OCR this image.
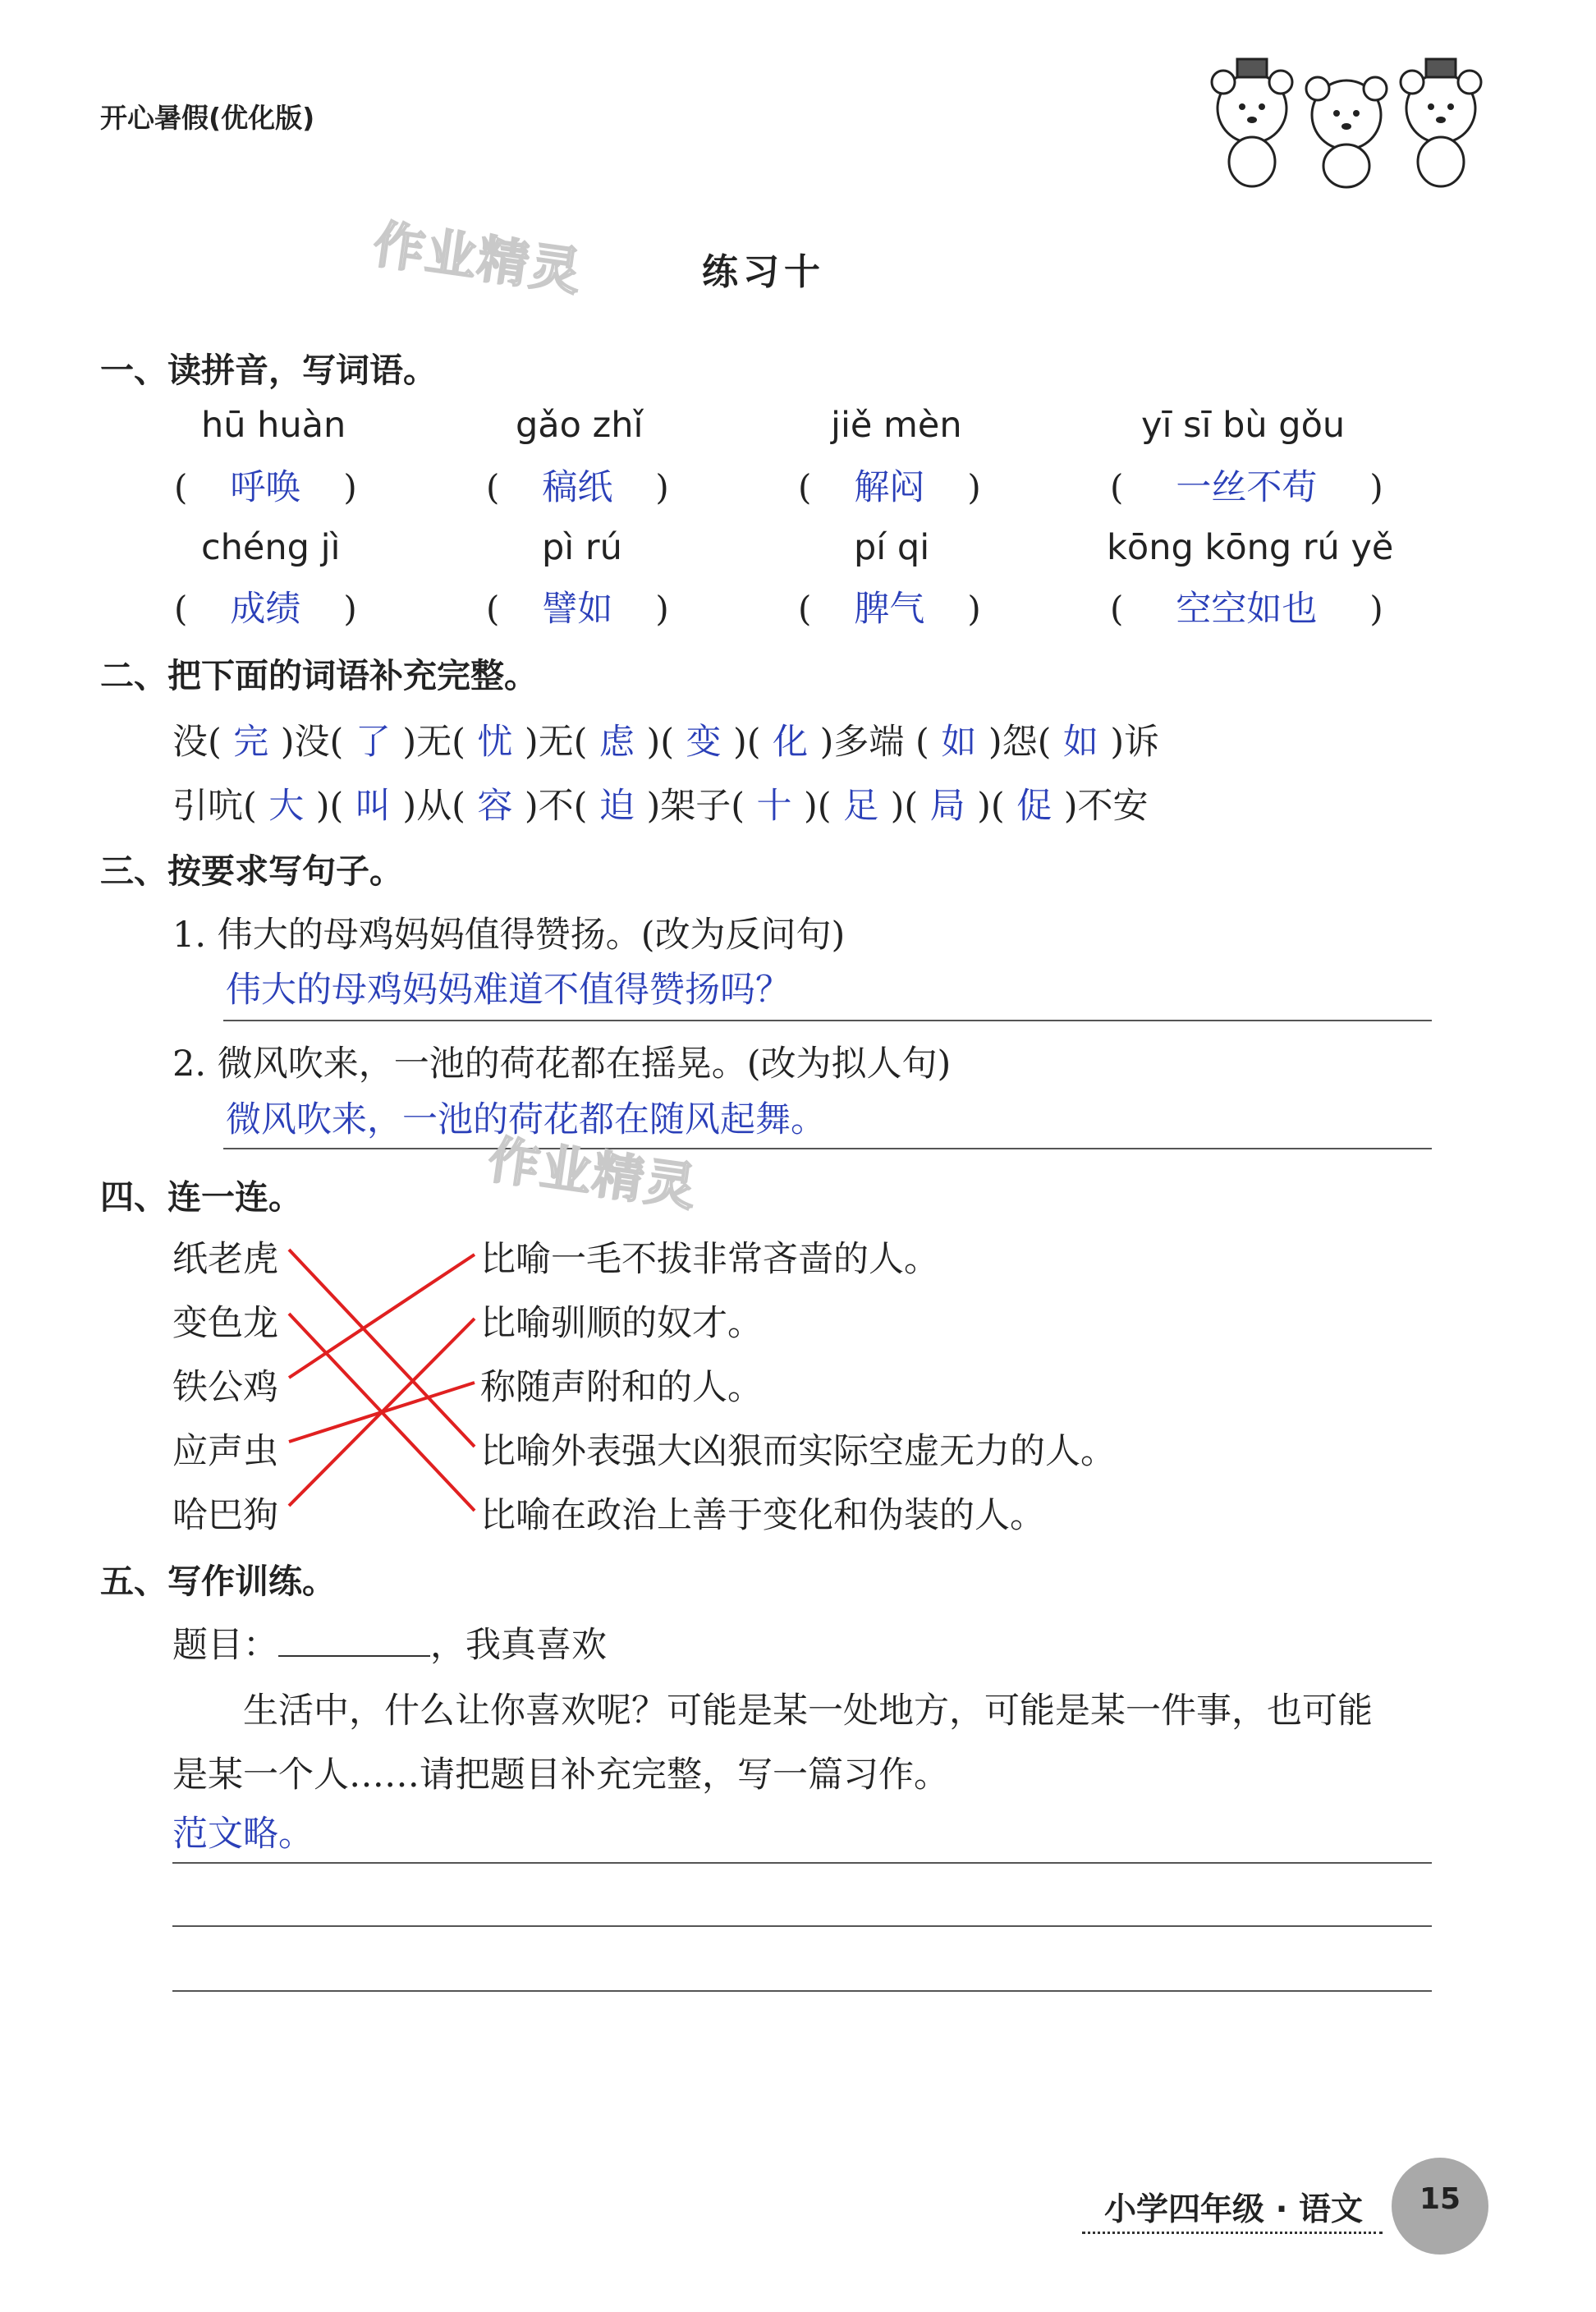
开心暑假(优化版)
作业精灵	练习十
一、读拼音，写词语。
hū huàn	gǎo zhǐ	jiě mèn	yī sī bù gǒu
( 呼唤 )	( 稿纸 )	( 解闷 )	( 一丝不苟 )
chéng jì	pì rú	pí qi	kōng kōng rú yě
( 成绩 )	( 譬如 )	( 脾气 )	( 空空如也 )
二、把下面的词语补充完整。
没( 完 )没( 了 )无( 忧 )无( 虑 )( 变 )( 化 )多端 ( 如 )怨( 如 )诉
引吭( 大 )( 叫 )从( 容 )不( 迫 )架子( 十 )( 足 )( 局 )( 促 )不安
三、按要求写句子。
1. 伟大的母鸡妈妈值得赞扬。(改为反问句)
伟大的母鸡妈妈难道不值得赞扬吗？
2. 微风吹来，一池的荷花都在摇晃。(改为拟人句)
微风吹来，一池的荷花都在随风起舞。
作业精灵
四、连一连。
纸老虎
变色龙
铁公鸡
应声虫
哈巴狗
比喻一毛不拔非常吝啬的人。
比喻驯顺的奴才。
称随声附和的人。
比喻外表强大凶狠而实际空虚无力的人。
比喻在政治上善于变化和伪装的人。
五、写作训练。
题目：	，我真喜欢
生活中，什么让你喜欢呢？可能是某一处地方，可能是某一件事，也可能
是某一个人……请把题目补充完整，写一篇习作。
范文略。
小学四年级 · 语文	15
